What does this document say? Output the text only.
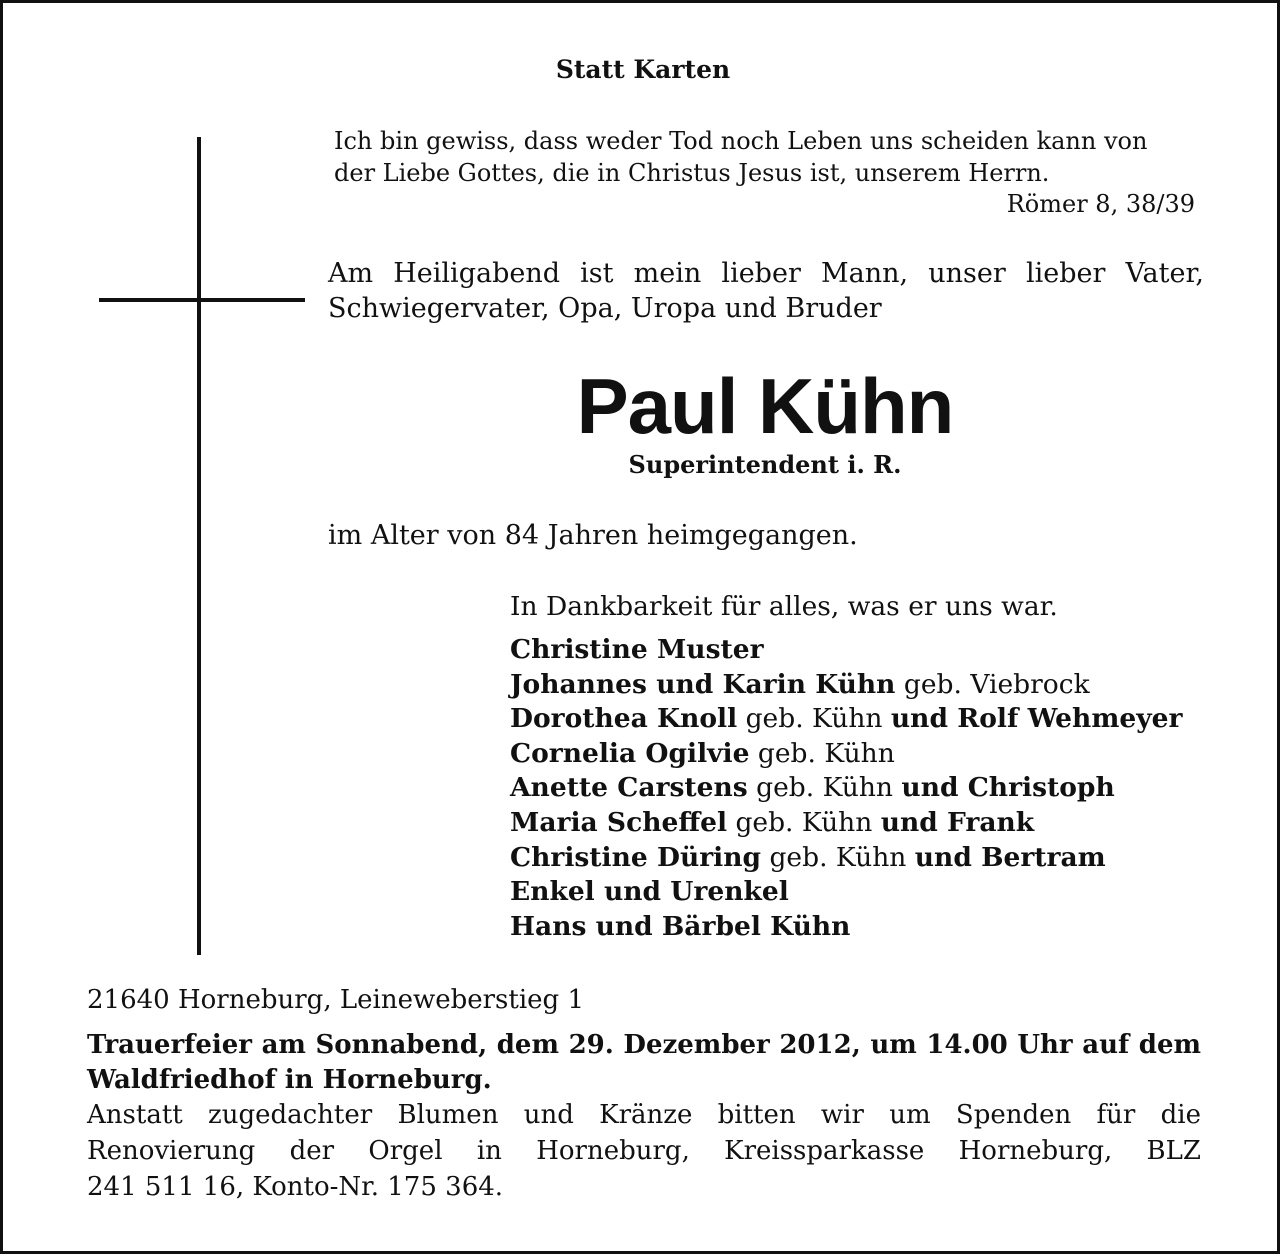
Statt Karten

Ich bin gewiss, dass weder Tod noch Leben uns scheiden kann von

der Liebe Gottes, die in Christus Jesus ist, unserem Herrn.

Römer 8, 38/39

Am Heiligabend ist mein lieber Mann, unser lieber Vater,

Schwiegervater, Opa, Uropa und Bruder

Paul Kühn

Superintendent i. R.

im Alter von 84 Jahren heimgegangen.

In Dankbarkeit für alles, was er uns war.

Christine Muster

Johannes und Karin Kühn geb. Viebrock

Dorothea Knoll geb. Kühn und Rolf Wehmeyer

Cornelia Ogilvie geb. Kühn

Anette Carstens geb. Kühn und Christoph

Maria Scheffel geb. Kühn und Frank

Christine Düring geb. Kühn und Bertram

Enkel und Urenkel

Hans und Bärbel Kühn

21640 Horneburg, Leineweberstieg 1

Trauerfeier am Sonnabend, dem 29. Dezember 2012, um 14.00 Uhr auf dem

Waldfriedhof in Horneburg.

Anstatt zugedachter Blumen und Kränze bitten wir um Spenden für die

Renovierung der Orgel in Horneburg, Kreissparkasse Horneburg, BLZ

241 511 16, Konto-Nr. 175 364.
